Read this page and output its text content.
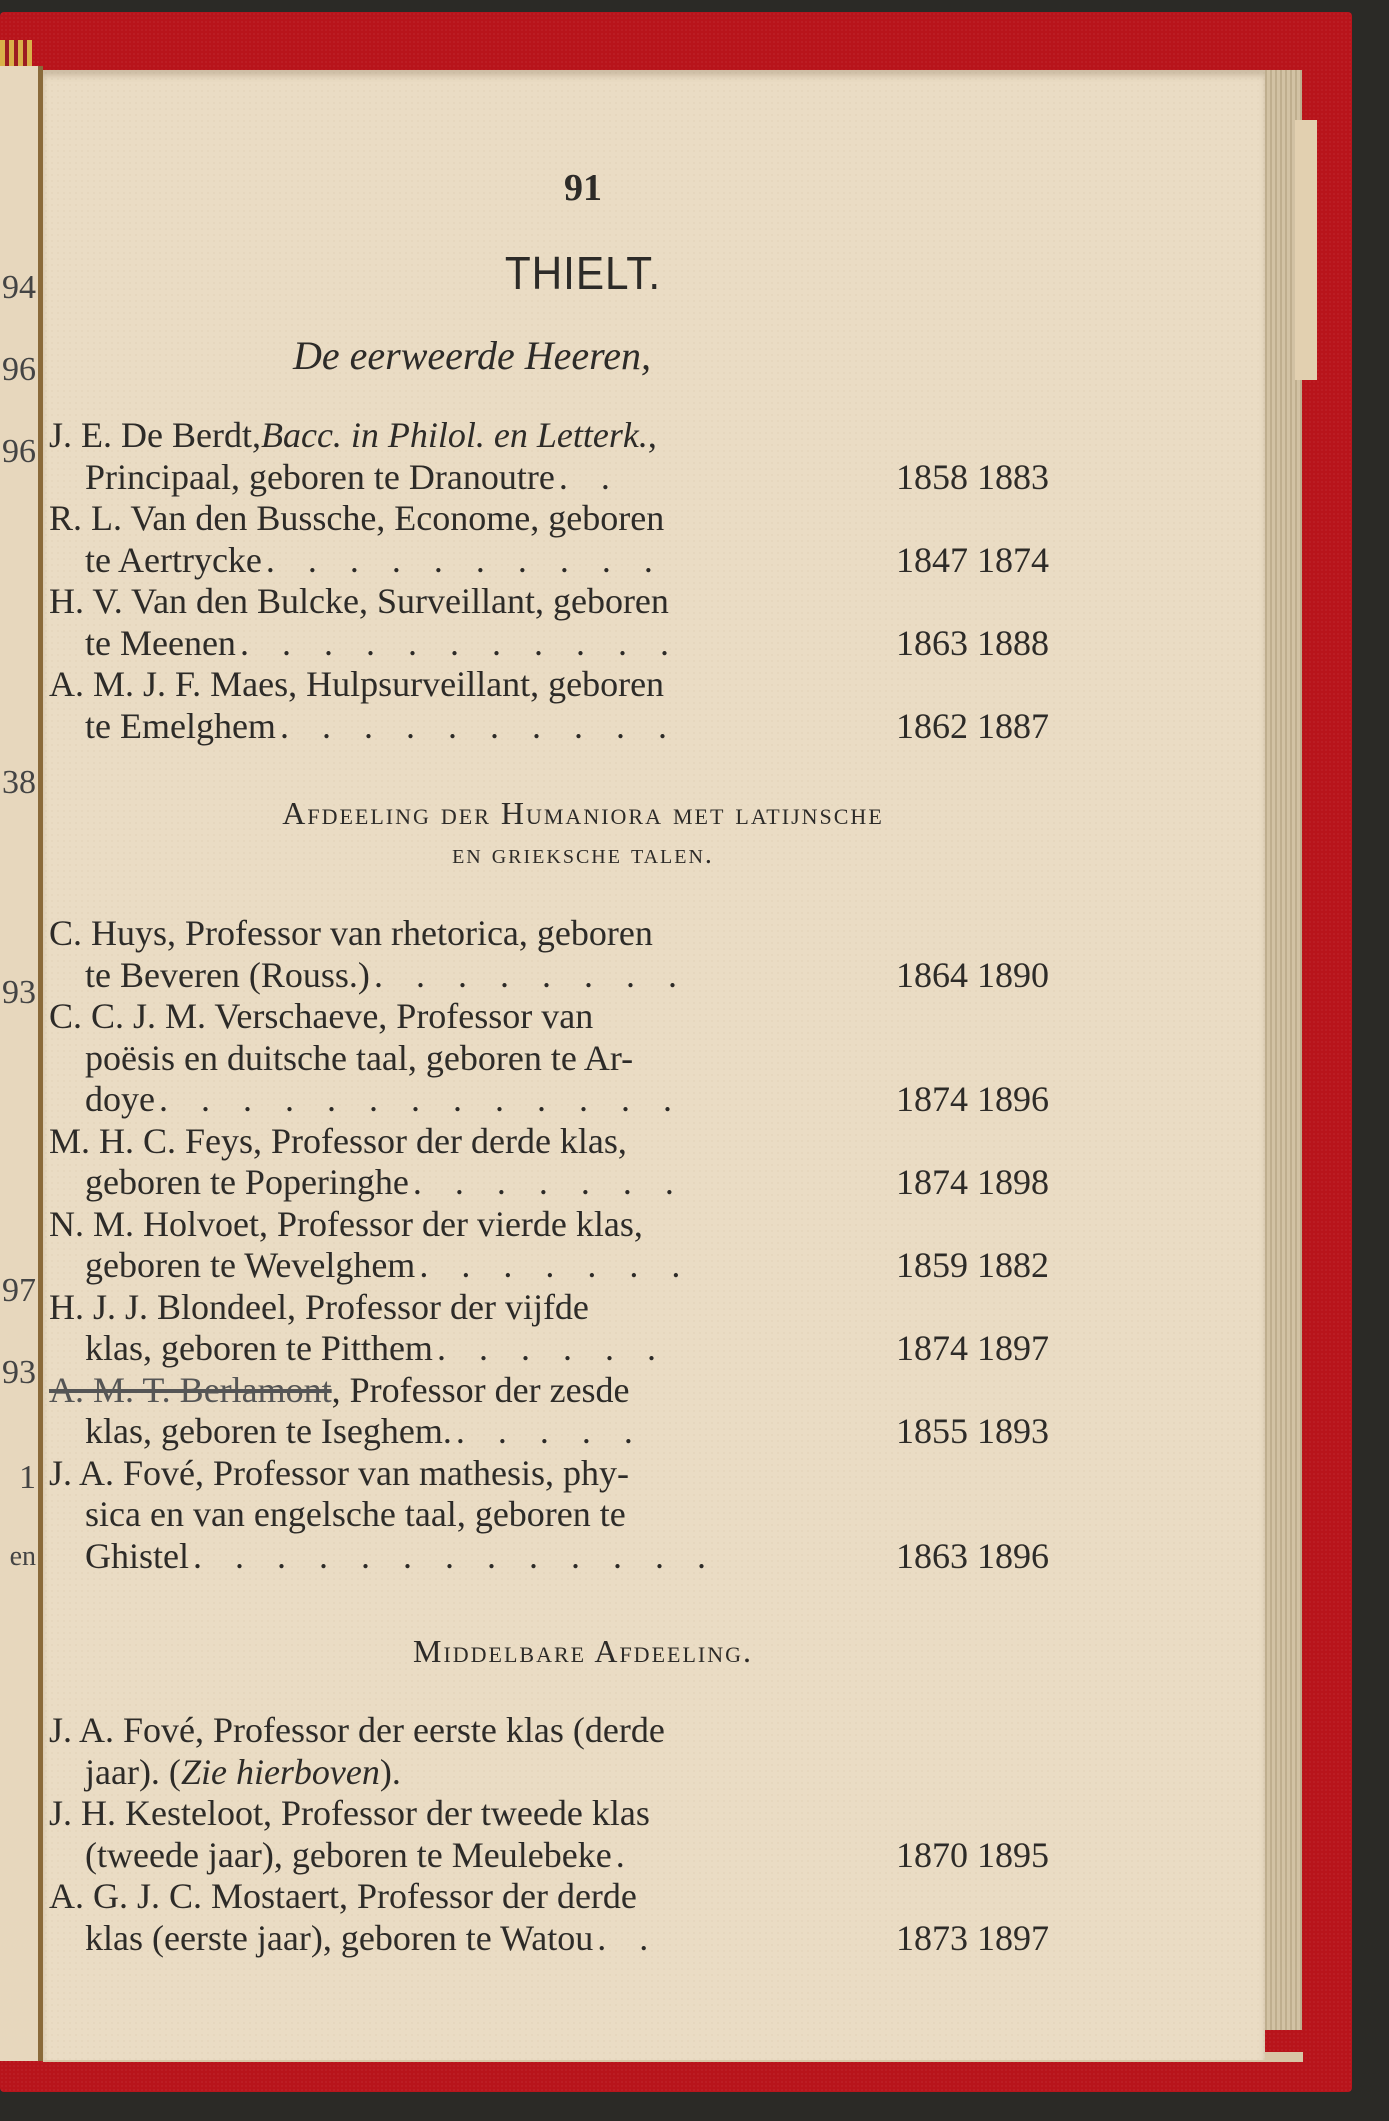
94
96
96
38
93
97
93
1
en
91
THIELT.
De eerweerde Heeren,
J. E. De Berdt, Bacc. in Philol. en Letterk. ,
Principaal, geboren te Dranoutre . .	1858 1883
R. L. Van den Bussche, Econome, geboren
te Aertrycke . . . . . . . . . .	1847 1874
H. V. Van den Bulcke, Surveillant, geboren
te Meenen . . . . . . . . . . .	1863 1888
A. M. J. F. Maes, Hulpsurveillant, geboren
te Emelghem . . . . . . . . . .	1862 1887
Afdeeling der Humaniora met latijnsche
en grieksche talen.
C. Huys, Professor van rhetorica, geboren
te Beveren (Rouss.) . . . . . . . .	1864 1890
C. C. J. M. Verschaeve, Professor van
poësis en duitsche taal, geboren te Ar-
doye . . . . . . . . . . . . .	1874 1896
M. H. C. Feys, Professor der derde klas,
geboren te Poperinghe . . . . . . .	1874 1898
N. M. Holvoet, Professor der vierde klas,
geboren te Wevelghem . . . . . . .	1859 1882
H. J. J. Blondeel, Professor der vijfde
klas, geboren te Pitthem . . . . . .	1874 1897
A. M. T. Berlamont , Professor der zesde
klas, geboren te Iseghem. . . . . .	1855 1893
J. A. Fové, Professor van mathesis, phy-
sica en van engelsche taal, geboren te
Ghistel . . . . . . . . . . . . .	1863 1896
Middelbare Afdeeling.
J. A. Fové, Professor der eerste klas (derde
jaar). ( Zie hierboven ).
J. H. Kesteloot, Professor der tweede klas
(tweede jaar), geboren te Meulebeke .	1870 1895
A. G. J. C. Mostaert, Professor der derde
klas (eerste jaar), geboren te Watou . .	1873 1897
